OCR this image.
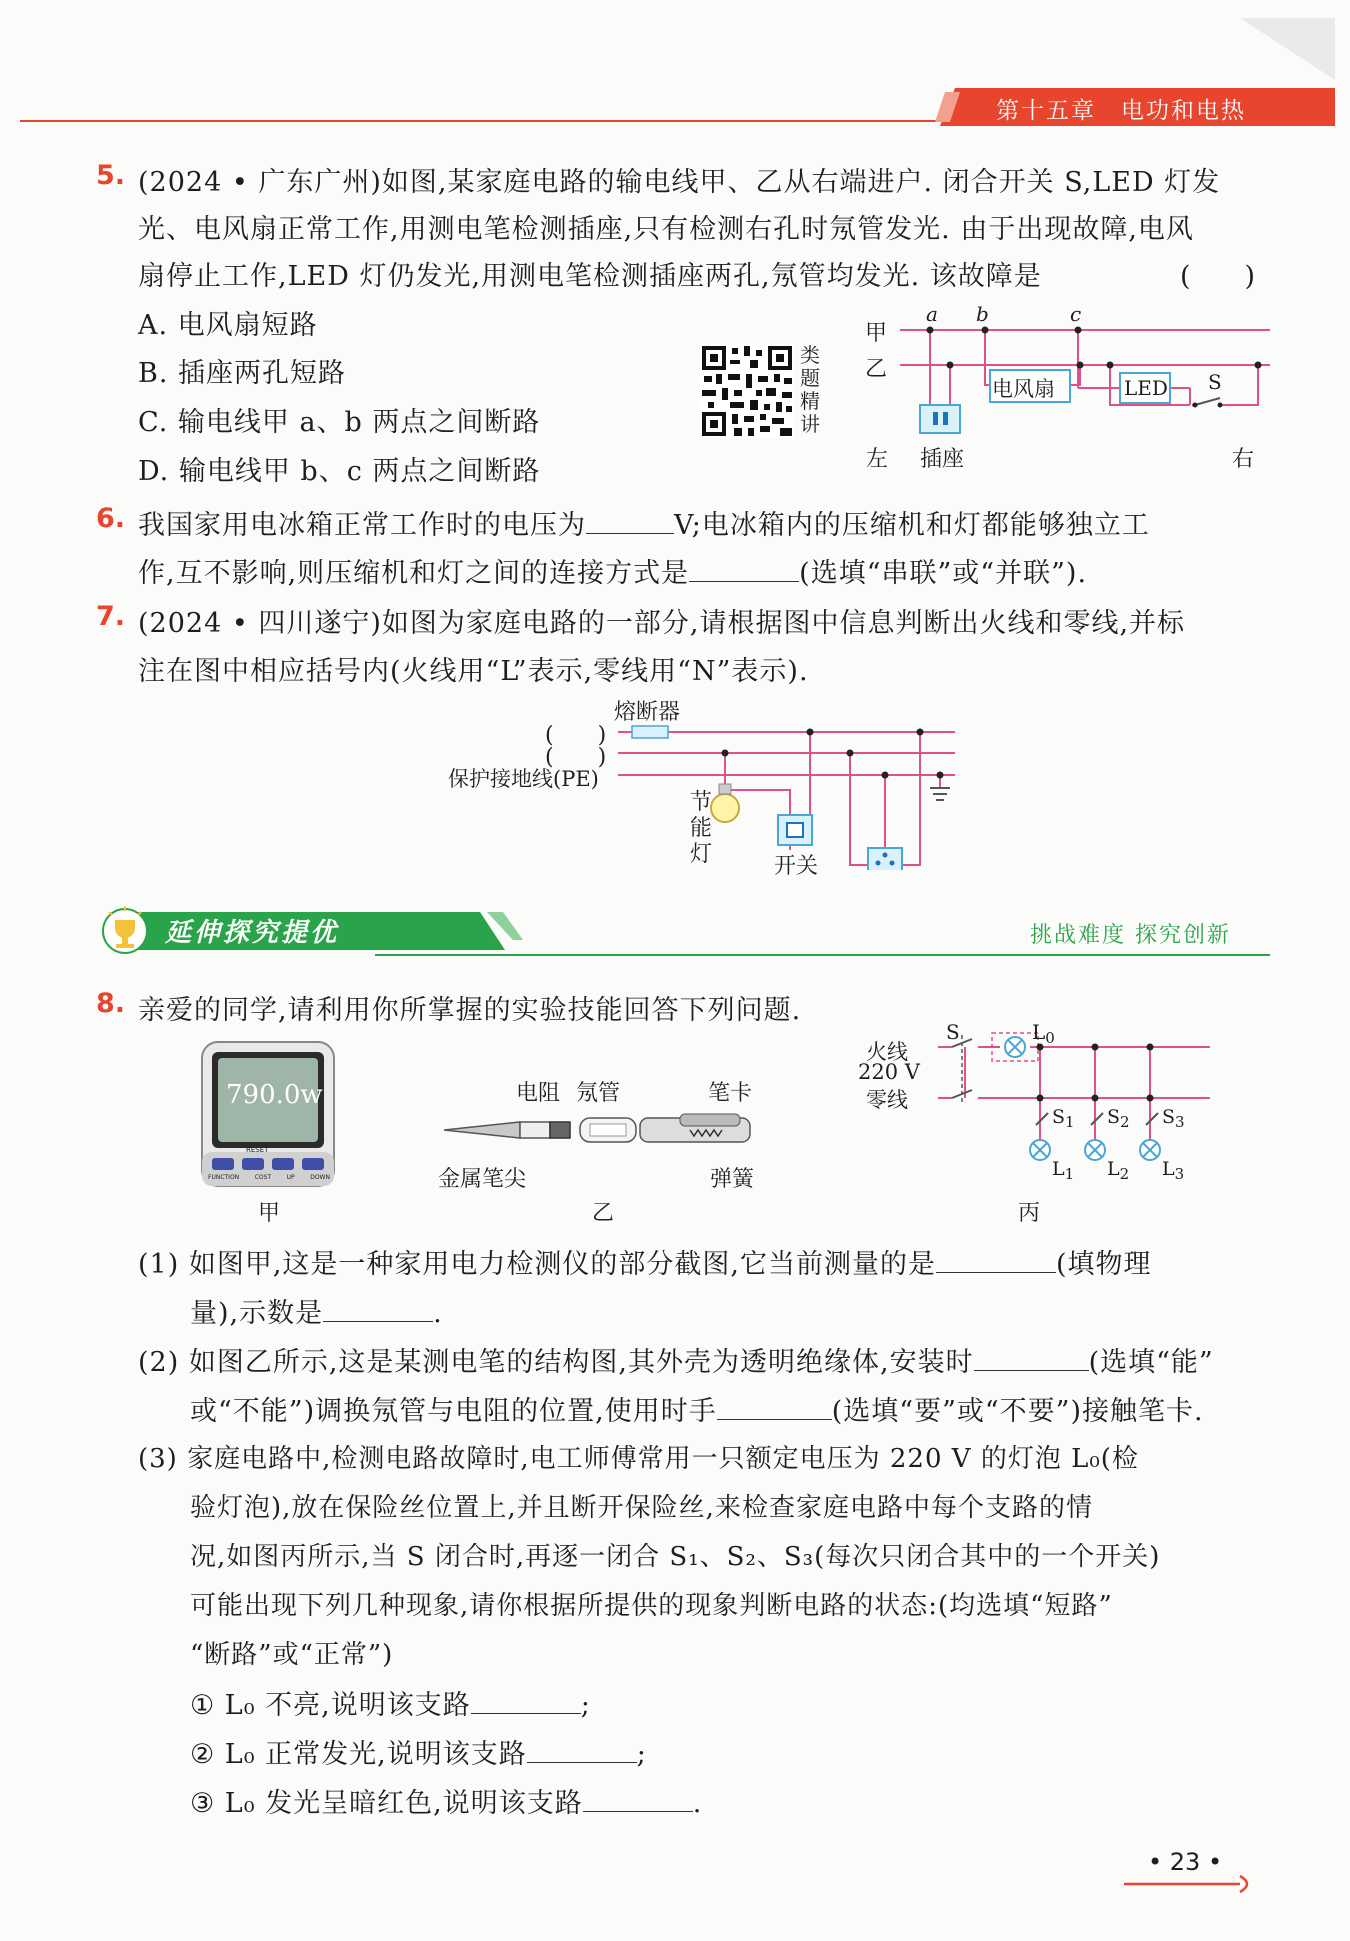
第十五章　电功和电热
5. (2024 • 广东广州)如图,某家庭电路的输电线甲、乙从右端进户. 闭合开关 S,LED 灯发
光、电风扇正常工作,用测电笔检测插座,只有检测右孔时氖管发光. 由于出现故障,电风
扇停止工作,LED 灯仍发光,用测电笔检测插座两孔,氖管均发光. 该故障是	(　　)
A. 电风扇短路
B. 插座两孔短路
C. 输电线甲 a、b 两点之间断路
D. 输电线甲 b、c 两点之间断路
类
题
精
讲
甲
乙
a b	c
电风扇	LED S
左 插座	右
6. 我国家用电冰箱正常工作时的电压为	V;电冰箱内的压缩机和灯都能够独立工
作,互不影响,则压缩机和灯之间的连接方式是	(选填“串联”或“并联”).
7. (2024 • 四川遂宁)如图为家庭电路的一部分,请根据图中信息判断出火线和零线,并标
注在图中相应括号内(火线用“L”表示,零线用“N”表示).
熔断器
(　　)
(　　)
保护接地线(PE)
节
能
灯	开关
延伸探究提优	挑战难度 探究创新
8. 亲爱的同学,请利用你所掌握的实验技能回答下列问题.
790.0w
RESET
FUNCTION	COST	UP	DOWN
甲
电阻 氖管	笔卡
金属笔尖	弹簧
乙
火线
220 V
零线
S	$L_0$
$S_1$ $S_2$ $S_3$
$L_1$ $L_2$ $L_3$
丙
(1) 如图甲,这是一种家用电力检测仪的部分截图,它当前测量的是	(填物理
量),示数是	.
(2) 如图乙所示,这是某测电笔的结构图,其外壳为透明绝缘体,安装时	(选填“能”
或“不能”)调换氖管与电阻的位置,使用时手	(选填“要”或“不要”)接触笔卡.
(3) 家庭电路中,检测电路故障时,电工师傅常用一只额定电压为 220 V 的灯泡 L₀(检
验灯泡),放在保险丝位置上,并且断开保险丝,来检查家庭电路中每个支路的情
况,如图丙所示,当 S 闭合时,再逐一闭合 S₁、S₂、S₃(每次只闭合其中的一个开关)
可能出现下列几种现象,请你根据所提供的现象判断电路的状态:(均选填“短路”
“断路”或“正常”)
① L₀ 不亮,说明该支路	;
② L₀ 正常发光,说明该支路	;
③ L₀ 发光呈暗红色,说明该支路	.
• 23 •
